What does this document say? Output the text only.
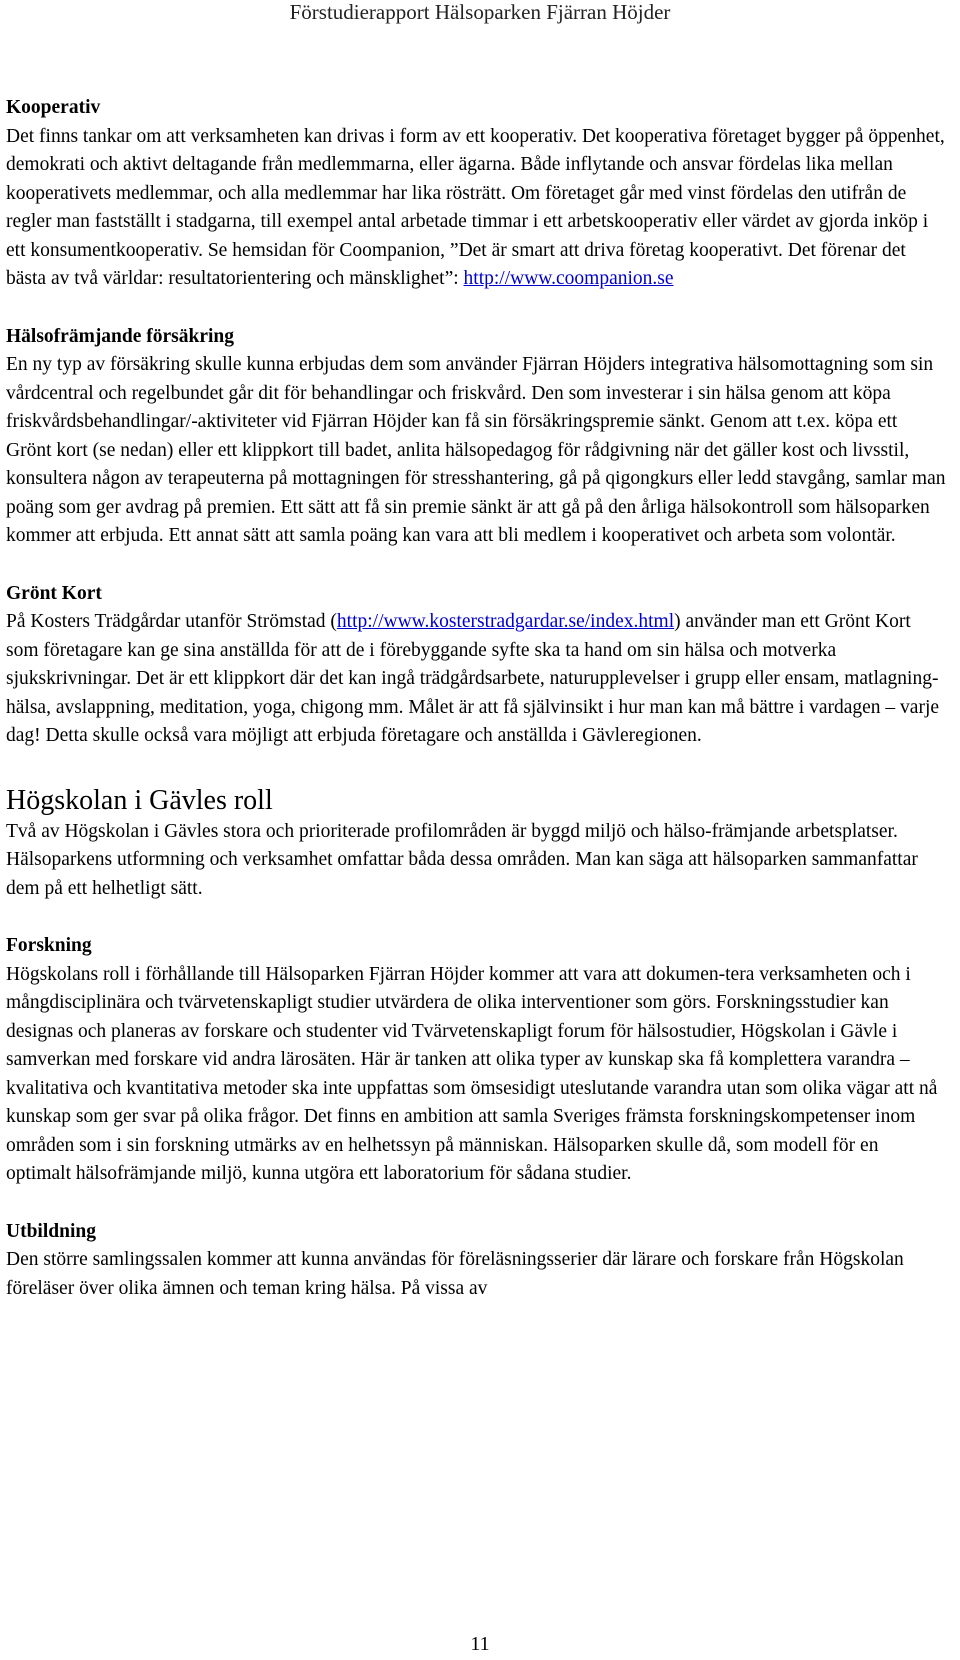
Förstudierapport Hälsoparken Fjärran Höjder

Kooperativ

Det finns tankar om att verksamheten kan drivas i form av ett kooperativ. Det kooperativa företaget bygger på öppenhet, demokrati och aktivt deltagande från medlemmarna, eller ägarna. Både inflytande och ansvar fördelas lika mellan kooperativets medlemmar, och alla medlemmar har lika rösträtt. Om företaget går med vinst fördelas den utifrån de regler man fastställt i stadgarna, till exempel antal arbetade timmar i ett arbetskooperativ eller värdet av gjorda inköp i ett konsumentkooperativ. Se hemsidan för Coompanion, ”Det är smart att driva företag kooperativt. Det förenar det bästa av två världar: resultatorientering och mänsklighet”: http://www.coompanion.se

Hälsofrämjande försäkring

En ny typ av försäkring skulle kunna erbjudas dem som använder Fjärran Höjders integrativa hälsomottagning som sin vårdcentral och regelbundet går dit för behandlingar och friskvård. Den som investerar i sin hälsa genom att köpa friskvårdsbehandlingar/-aktiviteter vid Fjärran Höjder kan få sin försäkringspremie sänkt. Genom att t.ex. köpa ett Grönt kort (se nedan) eller ett klippkort till badet, anlita hälsopedagog för rådgivning när det gäller kost och livsstil, konsultera någon av terapeuterna på mottagningen för stresshantering, gå på qigongkurs eller ledd stavgång, samlar man poäng som ger avdrag på premien. Ett sätt att få sin premie sänkt är att gå på den årliga hälsokontroll som hälsoparken kommer att erbjuda. Ett annat sätt att samla poäng kan vara att bli medlem i kooperativet och arbeta som volontär.

Grönt Kort

På Kosters Trädgårdar utanför Strömstad (http://www.kosterstradgardar.se/index.html) använder man ett Grönt Kort som företagare kan ge sina anställda för att de i förebyggande syfte ska ta hand om sin hälsa och motverka sjukskrivningar. Det är ett klippkort där det kan ingå trädgårdsarbete, naturupplevelser i grupp eller ensam, matlagning-hälsa, avslappning, meditation, yoga, chigong mm. Målet är att få självinsikt i hur man kan må bättre i vardagen – varje dag! Detta skulle också vara möjligt att erbjuda företagare och anställda i Gävleregionen.

Högskolan i Gävles roll

Två av Högskolan i Gävles stora och prioriterade profilområden är byggd miljö och hälso-främjande arbetsplatser. Hälsoparkens utformning och verksamhet omfattar båda dessa områden. Man kan säga att hälsoparken sammanfattar dem på ett helhetligt sätt.

Forskning

Högskolans roll i förhållande till Hälsoparken Fjärran Höjder kommer att vara att dokumen-tera verksamheten och i mångdisciplinära och tvärvetenskapligt studier utvärdera de olika interventioner som görs. Forskningsstudier kan designas och planeras av forskare och studenter vid Tvärvetenskapligt forum för hälsostudier, Högskolan i Gävle i samverkan med forskare vid andra lärosäten. Här är tanken att olika typer av kunskap ska få komplettera varandra – kvalitativa och kvantitativa metoder ska inte uppfattas som ömsesidigt uteslutande varandra utan som olika vägar att nå kunskap som ger svar på olika frågor. Det finns en ambition att samla Sveriges främsta forskningskompetenser inom områden som i sin forskning utmärks av en helhetssyn på människan. Hälsoparken skulle då, som modell för en optimalt hälsofrämjande miljö, kunna utgöra ett laboratorium för sådana studier.

Utbildning

Den större samlingssalen kommer att kunna användas för föreläsningsserier där lärare och forskare från Högskolan föreläser över olika ämnen och teman kring hälsa. På vissa av

11
